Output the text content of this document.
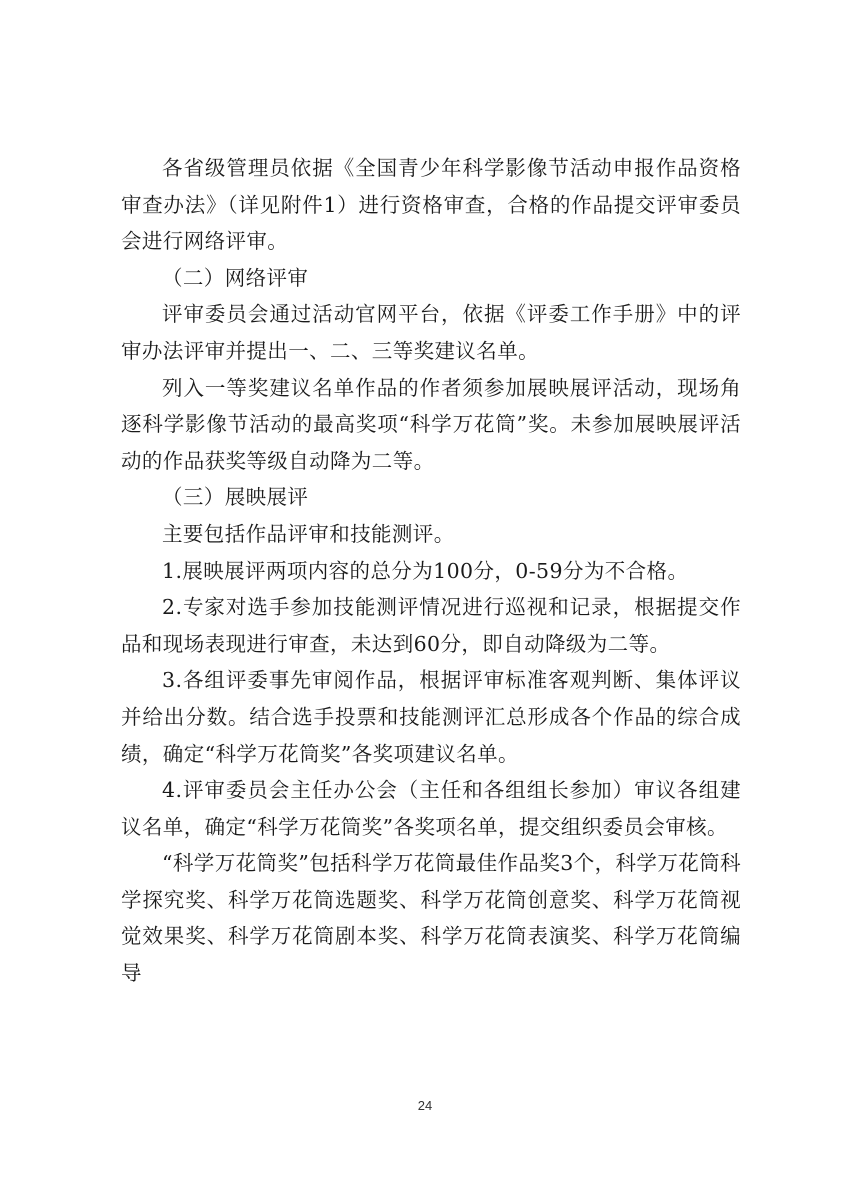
各省级管理员依据《全国青少年科学影像节活动申报作品资格审查办法》（详见附件1）进行资格审查，合格的作品提交评审委员会进行网络评审。

（二）网络评审

评审委员会通过活动官网平台，依据《评委工作手册》中的评审办法评审并提出一、二、三等奖建议名单。

列入一等奖建议名单作品的作者须参加展映展评活动，现场角逐科学影像节活动的最高奖项“科学万花筒”奖。未参加展映展评活动的作品获奖等级自动降为二等。

（三）展映展评

主要包括作品评审和技能测评。

1.展映展评两项内容的总分为100分，0-59分为不合格。

2.专家对选手参加技能测评情况进行巡视和记录，根据提交作品和现场表现进行审查，未达到60分，即自动降级为二等。

3.各组评委事先审阅作品，根据评审标准客观判断、集体评议并给出分数。结合选手投票和技能测评汇总形成各个作品的综合成绩，确定“科学万花筒奖”各奖项建议名单。

4.评审委员会主任办公会（主任和各组组长参加）审议各组建议名单，确定“科学万花筒奖”各奖项名单，提交组织委员会审核。

“科学万花筒奖”包括科学万花筒最佳作品奖3个，科学万花筒科学探究奖、科学万花筒选题奖、科学万花筒创意奖、科学万花筒视觉效果奖、科学万花筒剧本奖、科学万花筒表演奖、科学万花筒编导

24
